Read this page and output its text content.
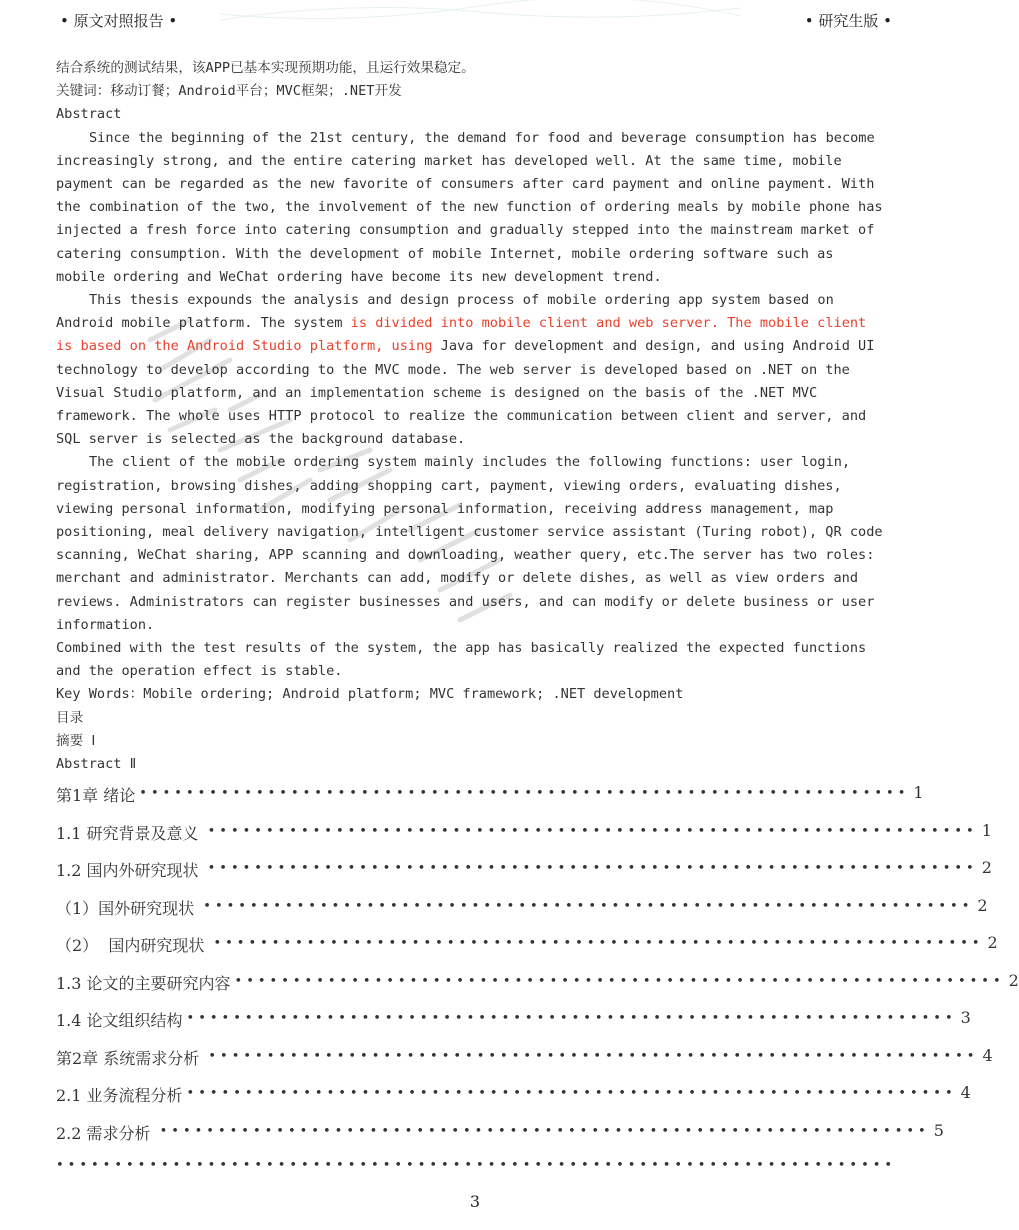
• 原文对照报告 •	• 研究生版 •

结合系统的测试结果，该APP已基本实现预期功能，且运行效果稳定。

关键词：移动订餐；Android平台；MVC框架；.NET开发

Abstract

Since the beginning of the 21st century, the demand for food and beverage consumption has become increasingly strong, and the entire catering market has developed well. At the same time, mobile payment can be regarded as the new favorite of consumers after card payment and online payment. With the combination of the two, the involvement of the new function of ordering meals by mobile phone has injected a fresh force into catering consumption and gradually stepped into the mainstream market of catering consumption. With the development of mobile Internet, mobile ordering software such as mobile ordering and WeChat ordering have become its new development trend.

This thesis expounds the analysis and design process of mobile ordering app system based on Android mobile platform. The system is divided into mobile client and web server. The mobile client is based on the Android Studio platform, using Java for development and design, and using Android UI technology to develop according to the MVC mode. The web server is developed based on .NET on the Visual Studio platform, and an implementation scheme is designed on the basis of the .NET MVC framework. The whole uses HTTP protocol to realize the communication between client and server, and SQL server is selected as the background database.

The client of the mobile ordering system mainly includes the following functions: user login, registration, browsing dishes, adding shopping cart, payment, viewing orders, evaluating dishes, viewing personal information, modifying personal information, receiving address management, map positioning, meal delivery navigation, intelligent customer service assistant (Turing robot), QR code scanning, WeChat sharing, APP scanning and downloading, weather query, etc.The server has two roles: merchant and administrator. Merchants can add, modify or delete dishes, as well as view orders and reviews. Administrators can register businesses and users, and can modify or delete business or user information.

Combined with the test results of the system, the app has basically realized the expected functions and the operation effect is stable.

Key Words：Mobile ordering; Android platform; MVC framework; .NET development

目录

摘要 Ⅰ

Abstract Ⅱ

第1章 绪论 •••••••••••••••••••••••••••••••••••••••••••••••••••••••••••••••••• 1
1.1 研究背景及意义 •••••••••••••••••••••••••••••••••••••••••••••••••••••••••••••••••• 1
1.2 国内外研究现状 •••••••••••••••••••••••••••••••••••••••••••••••••••••••••••••••••• 2
（1）国外研究现状 •••••••••••••••••••••••••••••••••••••••••••••••••••••••••••••••••• 2
（2）  国内研究现状 •••••••••••••••••••••••••••••••••••••••••••••••••••••••••••••••••• 2
1.3 论文的主要研究内容 •••••••••••••••••••••••••••••••••••••••••••••••••••••••••••••••••• 2
1.4 论文组织结构 •••••••••••••••••••••••••••••••••••••••••••••••••••••••••••••••••• 3
第2章 系统需求分析 •••••••••••••••••••••••••••••••••••••••••••••••••••••••••••••••••• 4
2.1 业务流程分析 •••••••••••••••••••••••••••••••••••••••••••••••••••••••••••••••••• 4
2.2 需求分析 •••••••••••••••••••••••••••••••••••••••••••••••••••••••••••••••••• 5
••••••••••••••••••••••••••••••••••••••••••••••••••••••••••••••••••••••••
3
